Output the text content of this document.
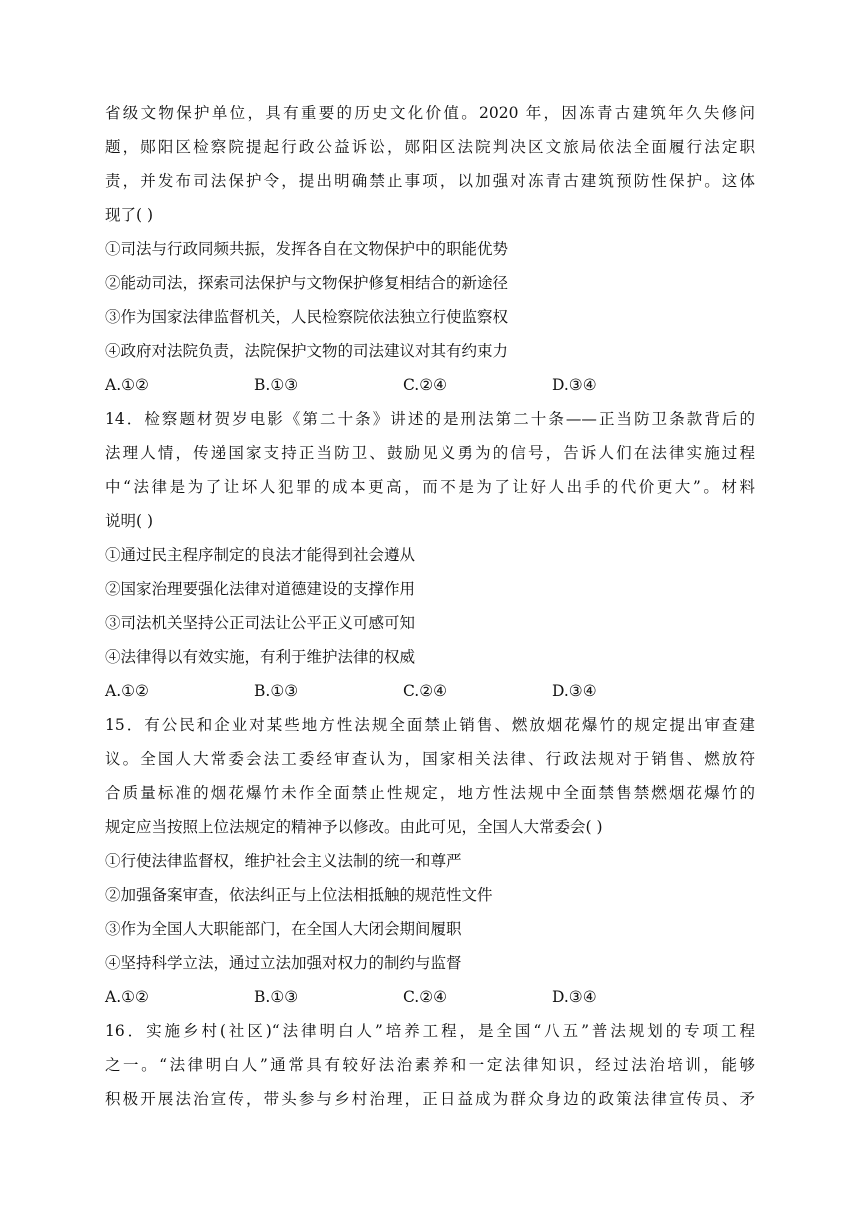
省级文物保护单位，具有重要的历史文化价值。2020 年，因冻青古建筑年久失修问
题，郧阳区检察院提起行政公益诉讼，郧阳区法院判决区文旅局依法全面履行法定职
责，并发布司法保护令，提出明确禁止事项，以加强对冻青古建筑预防性保护。这体
现了( )
①司法与行政同频共振，发挥各自在文物保护中的职能优势
②能动司法，探索司法保护与文物保护修复相结合的新途径
③作为国家法律监督机关，人民检察院依法独立行使监察权
④政府对法院负责，法院保护文物的司法建议对其有约束力
A.①②	B.①③	C.②④	D.③④
14．检察题材贺岁电影《第二十条》讲述的是刑法第二十条——正当防卫条款背后的
法理人情，传递国家支持正当防卫、鼓励见义勇为的信号，告诉人们在法律实施过程
中“法律是为了让坏人犯罪的成本更高，而不是为了让好人出手的代价更大”。材料
说明( )
①通过民主程序制定的良法才能得到社会遵从
②国家治理要强化法律对道德建设的支撑作用
③司法机关坚持公正司法让公平正义可感可知
④法律得以有效实施，有利于维护法律的权威
A.①②	B.①③	C.②④	D.③④
15．有公民和企业对某些地方性法规全面禁止销售、燃放烟花爆竹的规定提出审查建
议。全国人大常委会法工委经审查认为，国家相关法律、行政法规对于销售、燃放符
合质量标准的烟花爆竹未作全面禁止性规定，地方性法规中全面禁售禁燃烟花爆竹的
规定应当按照上位法规定的精神予以修改。由此可见，全国人大常委会( )
①行使法律监督权，维护社会主义法制的统一和尊严
②加强备案审查，依法纠正与上位法相抵触的规范性文件
③作为全国人大职能部门，在全国人大闭会期间履职
④坚持科学立法，通过立法加强对权力的制约与监督
A.①②	B.①③	C.②④	D.③④
16．实施乡村(社区)“法律明白人”培养工程，是全国“八五”普法规划的专项工程
之一。“法律明白人”通常具有较好法治素养和一定法律知识，经过法治培训，能够
积极开展法治宣传，带头参与乡村治理，正日益成为群众身边的政策法律宣传员、矛
